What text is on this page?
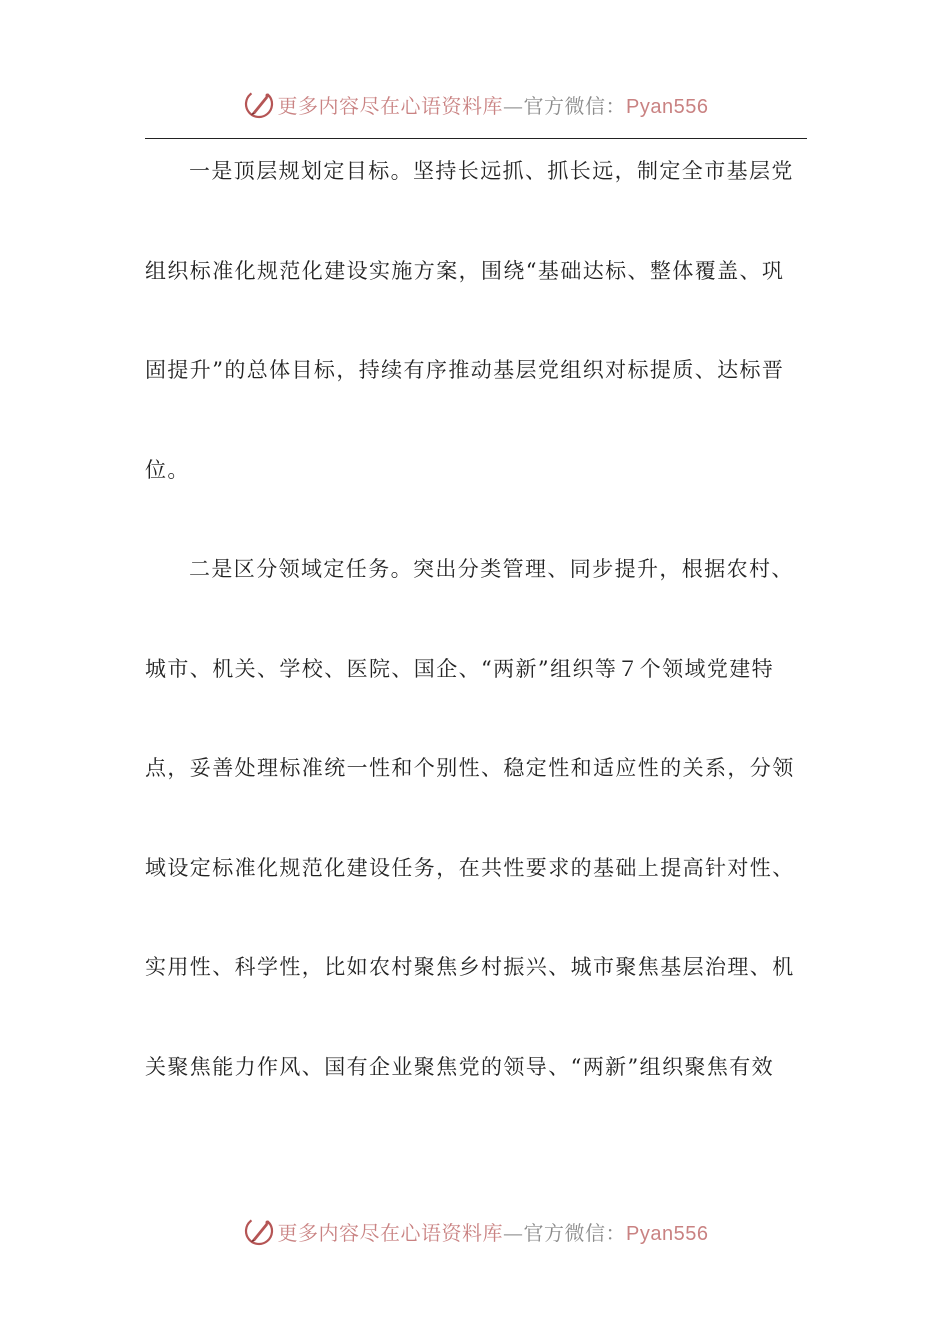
更多内容尽在心语资料库—官方微信：Pyan556
一是顶层规划定目标。坚持长远抓、抓长远，制定全市基层党
组织标准化规范化建设实施方案，围绕“基础达标、整体覆盖、巩
固提升”的总体目标，持续有序推动基层党组织对标提质、达标晋
位。
二是区分领域定任务。突出分类管理、同步提升，根据农村、
城市、机关、学校、医院、国企、“两新”组织等７个领域党建特
点，妥善处理标准统一性和个别性、稳定性和适应性的关系，分领
域设定标准化规范化建设任务，在共性要求的基础上提高针对性、
实用性、科学性，比如农村聚焦乡村振兴、城市聚焦基层治理、机
关聚焦能力作风、国有企业聚焦党的领导、“两新”组织聚焦有效
更多内容尽在心语资料库—官方微信：Pyan556
